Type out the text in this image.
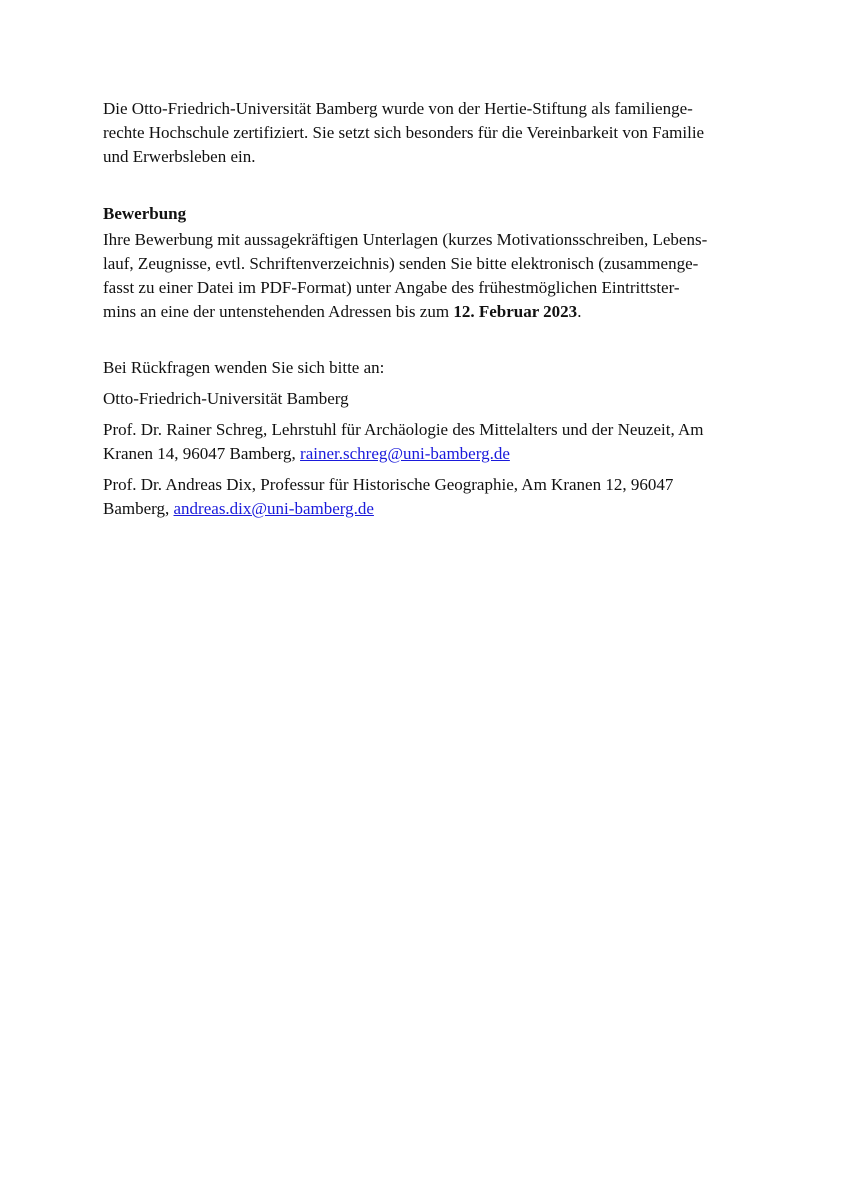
Die Otto-Friedrich-Universität Bamberg wurde von der Hertie-Stiftung als familienge-
rechte Hochschule zertifiziert. Sie setzt sich besonders für die Vereinbarkeit von Familie
und Erwerbsleben ein.

Bewerbung

Ihre Bewerbung mit aussagekräftigen Unterlagen (kurzes Motivationsschreiben, Lebens-
lauf, Zeugnisse, evtl. Schriftenverzeichnis) senden Sie bitte elektronisch (zusammenge-
fasst zu einer Datei im PDF-Format) unter Angabe des frühestmöglichen Eintrittster-
mins an eine der untenstehenden Adressen bis zum 12. Februar 2023.

Bei Rückfragen wenden Sie sich bitte an:

Otto-Friedrich-Universität Bamberg

Prof. Dr. Rainer Schreg, Lehrstuhl für Archäologie des Mittelalters und der Neuzeit, Am
Kranen 14, 96047 Bamberg, rainer.schreg@uni-bamberg.de

Prof. Dr. Andreas Dix, Professur für Historische Geographie, Am Kranen 12, 96047
Bamberg, andreas.dix@uni-bamberg.de
